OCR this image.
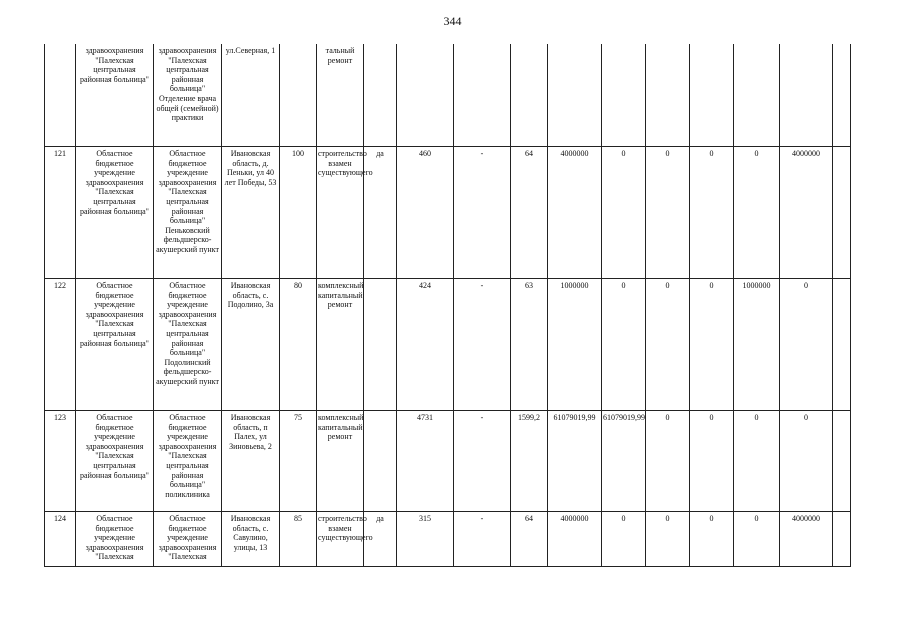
344
	здравоохранения "Палехская центральная районная больница"	здравоохранения "Палехская центральная районная больница" Отделение врача общей (семейной) практики	ул.Северная, 1		тальный ремонт											
121	Областное бюджетное учреждение здравоохранения "Палехская центральная районная больница"	Областное бюджетное учреждение здравоохранения "Палехская центральная районная больница" Пеньковский фельдшерско-акушерский пункт	Ивановская область, д. Пеньки, ул 40 лет Победы, 53	100	строительство взамен существующего	да	460	-	64	4000000	0	0	0	0	4000000	
122	Областное бюджетное учреждение здравоохранения "Палехская центральная районная больница"	Областное бюджетное учреждение здравоохранения "Палехская центральная районная больница" Подолинский фельдшерско-акушерский пункт	Ивановская область, с. Подолино, 3а	80	комплексный капитальный ремонт		424	-	63	1000000	0	0	0	1000000	0	
123	Областное бюджетное учреждение здравоохранения "Палехская центральная районная больница"	Областное бюджетное учреждение здравоохранения "Палехская центральная районная больница" поликлиника	Ивановская область, п Палех, ул Зиновьева, 2	75	комплексный капитальный ремонт		4731	-	1599,2	61079019,99	61079019,99	0	0	0	0	
124	Областное бюджетное учреждение здравоохранения "Палехская	Областное бюджетное учреждение здравоохранения "Палехская	Ивановская область, с. Савулино, улицы, 13	85	строительство взамен существующего	да	315	-	64	4000000	0	0	0	0	4000000	
